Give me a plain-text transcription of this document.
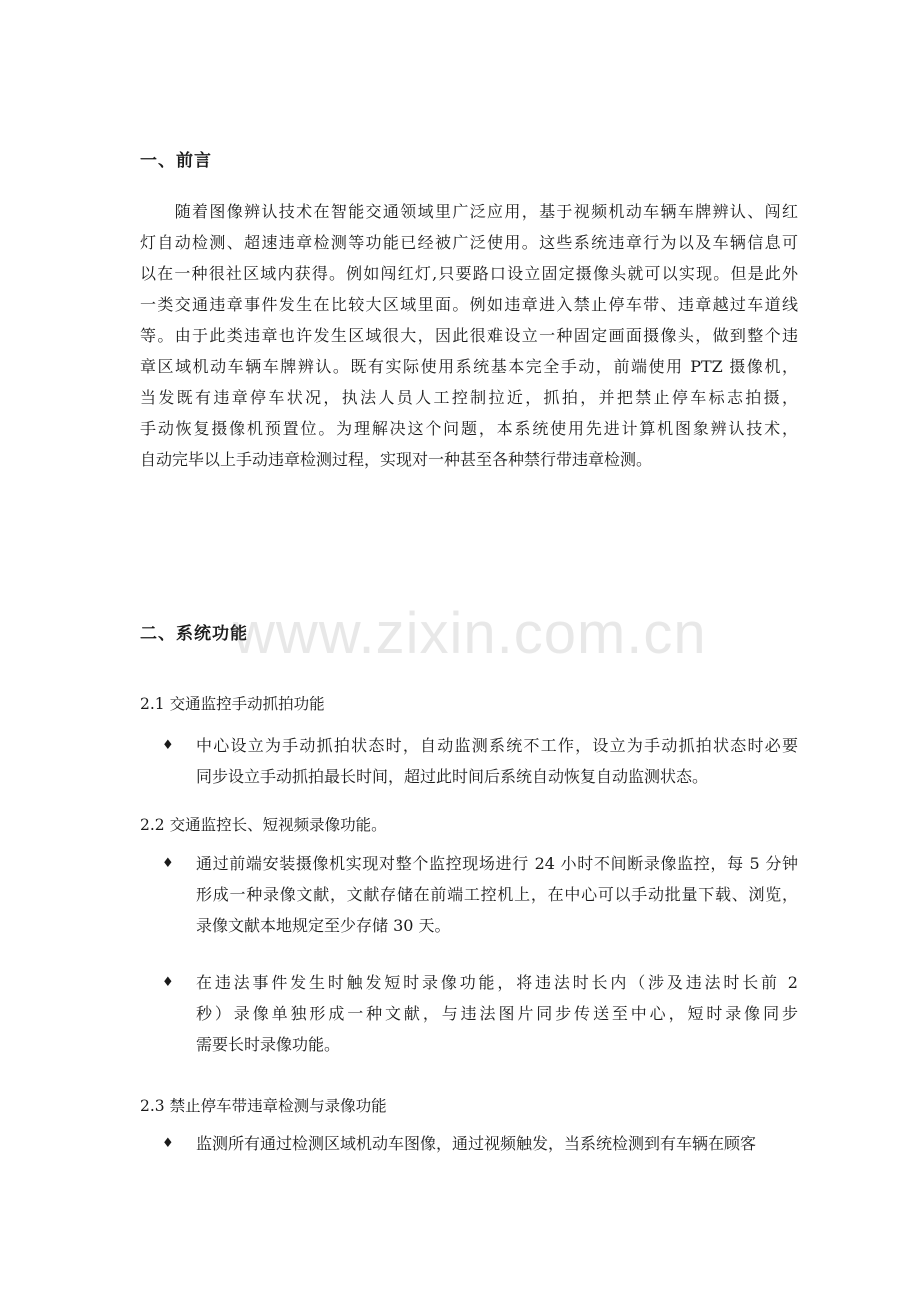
一、前言
　　随着图像辨认技术在智能交通领域里广泛应用，基于视频机动车辆车牌辨认、闯红
灯自动检测、超速违章检测等功能已经被广泛使用。这些系统违章行为以及车辆信息可
以在一种很社区域内获得。例如闯红灯,只要路口设立固定摄像头就可以实现。但是此外
一类交通违章事件发生在比较大区域里面。例如违章进入禁止停车带、违章越过车道线
等。由于此类违章也许发生区域很大，因此很难设立一种固定画面摄像头，做到整个违
章区域机动车辆车牌辨认。既有实际使用系统基本完全手动，前端使用 PTZ 摄像机，
当发既有违章停车状况，执法人员人工控制拉近，抓拍，并把禁止停车标志拍摄，
手动恢复摄像机预置位。为理解决这个问题，本系统使用先进计算机图象辨认技术，
自动完毕以上手动违章检测过程，实现对一种甚至各种禁行带违章检测。
二、系统功能
www.zixin.com.cn
2.1 交通监控手动抓拍功能
♦ 中心设立为手动抓拍状态时，自动监测系统不工作，设立为手动抓拍状态时必要
同步设立手动抓拍最长时间，超过此时间后系统自动恢复自动监测状态。
2.2 交通监控长、短视频录像功能。
♦ 通过前端安装摄像机实现对整个监控现场进行 24 小时不间断录像监控，每 5 分钟
形成一种录像文献，文献存储在前端工控机上，在中心可以手动批量下载、浏览，
录像文献本地规定至少存储 30 天。
♦ 在违法事件发生时触发短时录像功能，将违法时长内（涉及违法时长前 2
秒）录像单独形成一种文献，与违法图片同步传送至中心，短时录像同步
需要长时录像功能。
2.3 禁止停车带违章检测与录像功能
♦ 监测所有通过检测区域机动车图像，通过视频触发，当系统检测到有车辆在顾客
